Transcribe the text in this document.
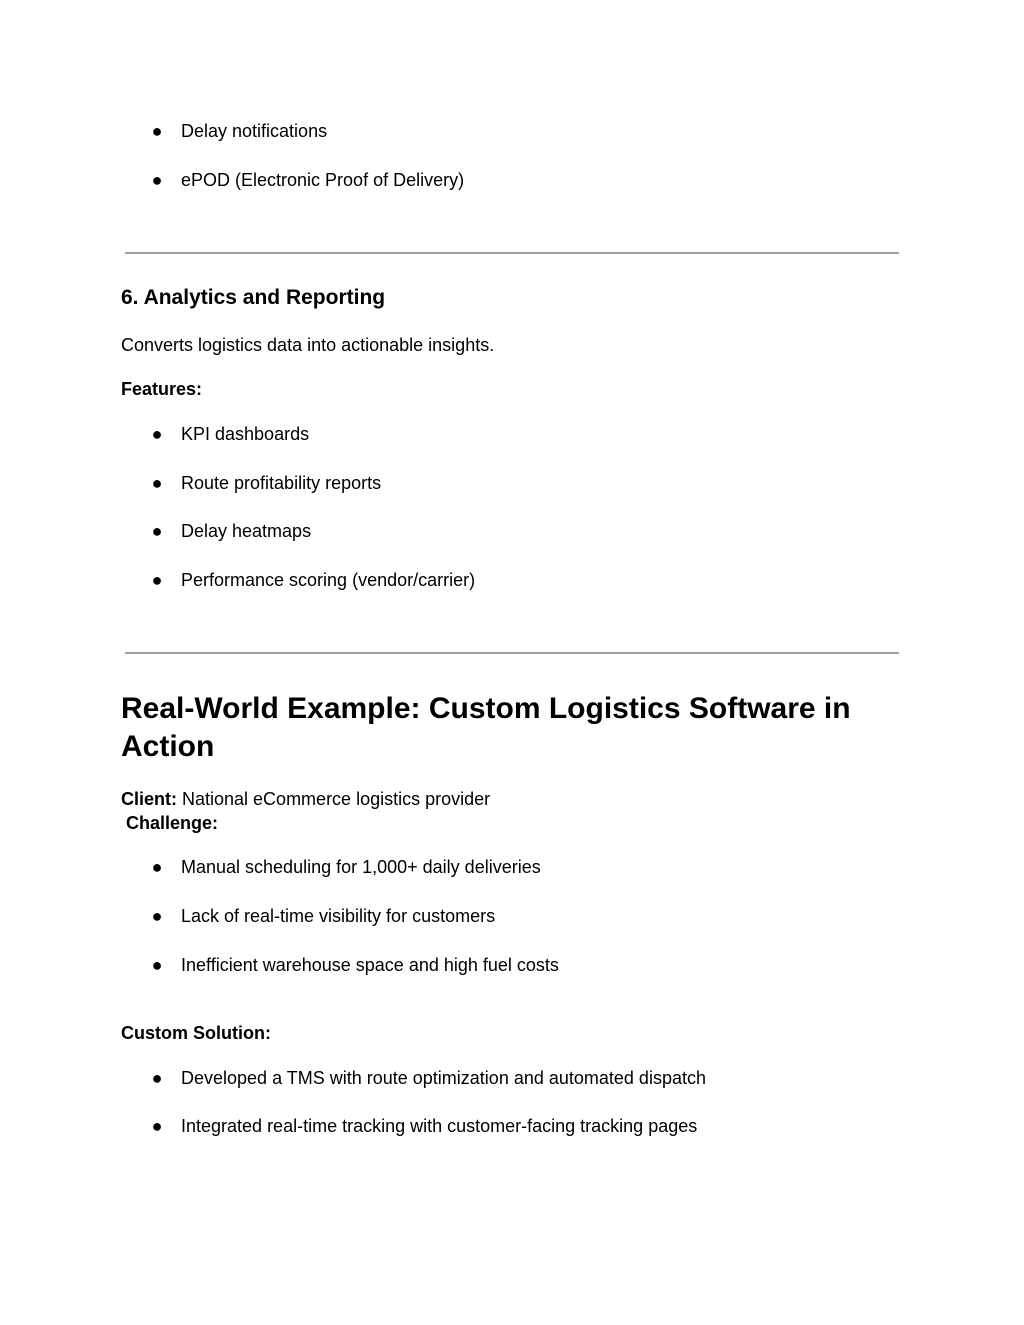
● Delay notifications
● ePOD (Electronic Proof of Delivery)
6. Analytics and Reporting
Converts logistics data into actionable insights.
Features:
● KPI dashboards
● Route profitability reports
● Delay heatmaps
● Performance scoring (vendor/carrier)
Real-World Example: Custom Logistics Software in Action
Client: National eCommerce logistics provider
Challenge:
● Manual scheduling for 1,000+ daily deliveries
● Lack of real-time visibility for customers
● Inefficient warehouse space and high fuel costs
Custom Solution:
● Developed a TMS with route optimization and automated dispatch
● Integrated real-time tracking with customer-facing tracking pages
